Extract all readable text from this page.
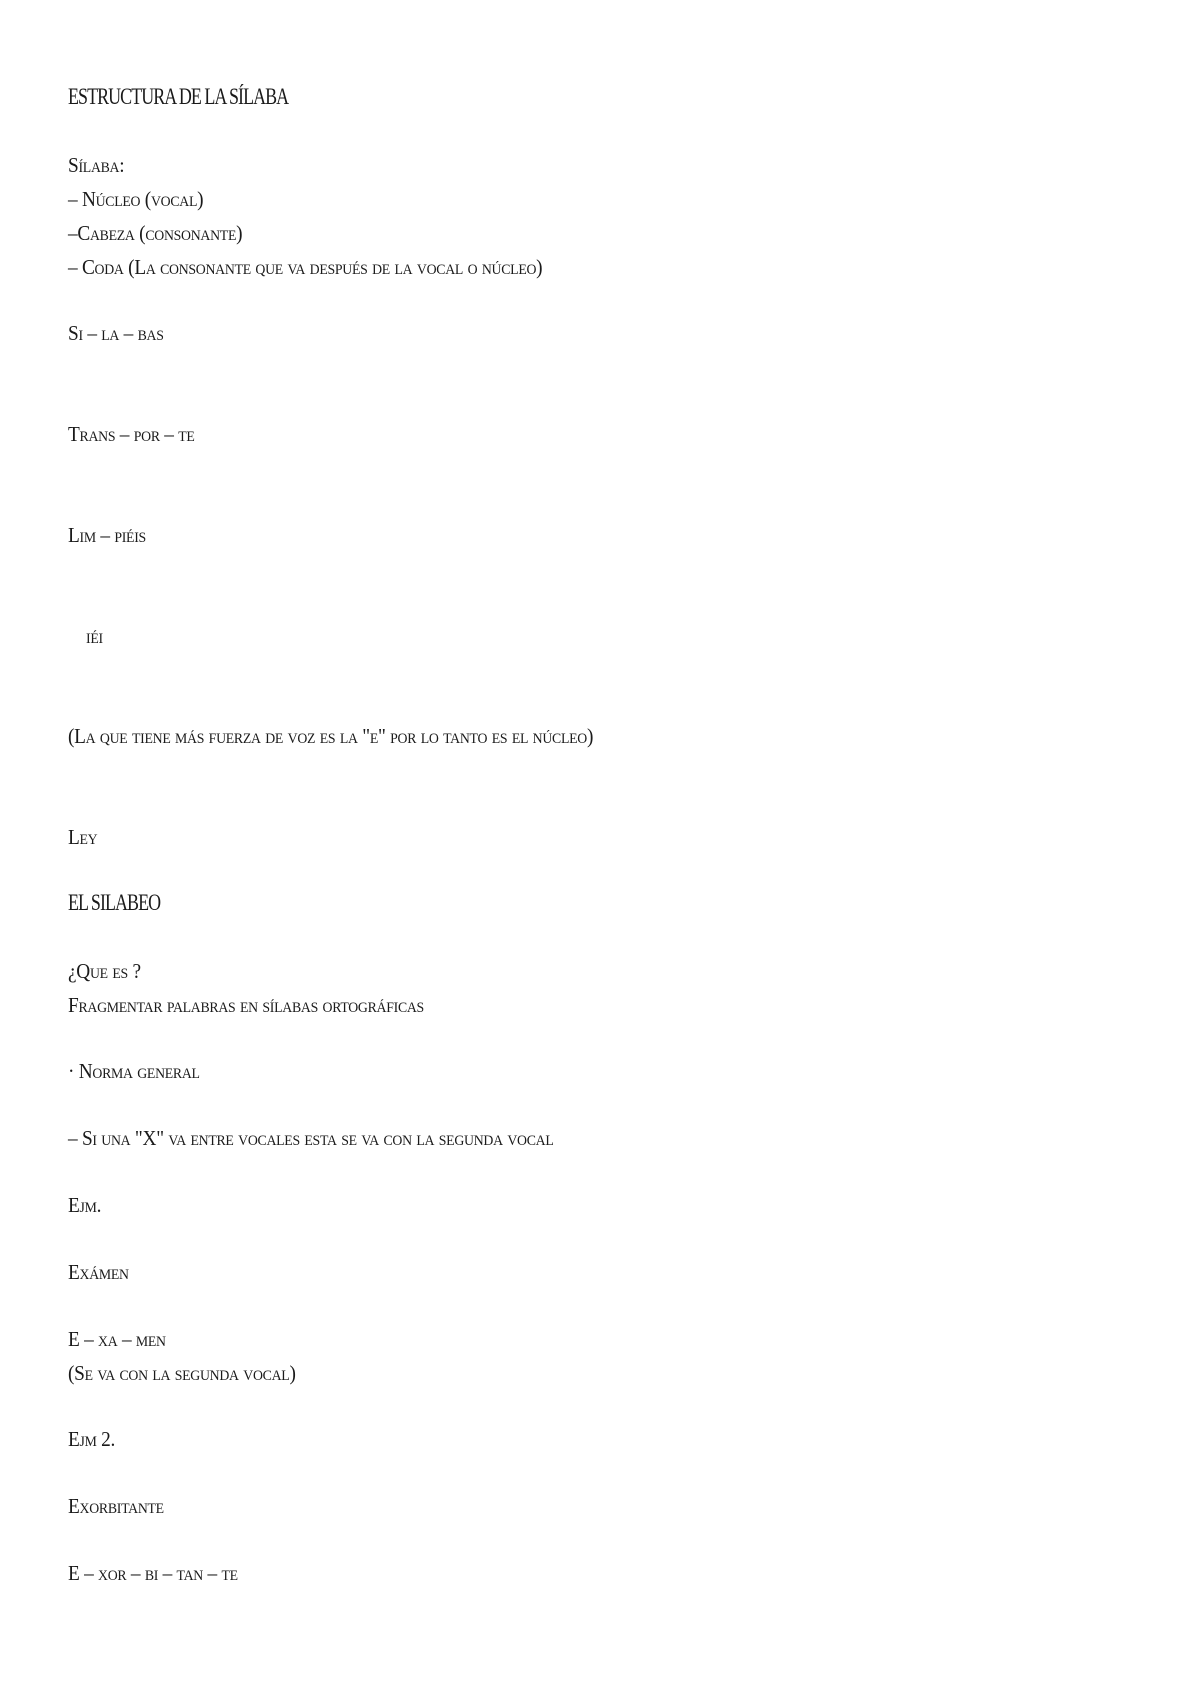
ESTRUCTURA DE LA SÍLABA
Sílaba:
– Núcleo (vocal)
–Cabeza (consonante)
– Coda (La consonante que va después de la vocal o núcleo)
Si – la – bas
Trans – por – te
Lim – piéis
iéi
(La que tiene más fuerza de voz es la "e" por lo tanto es el núcleo)
Ley
EL SILABEO
¿Que es ?
Fragmentar palabras en sílabas ortográficas
· Norma general
– Si una "X" va entre vocales esta se va con la segunda vocal
Ejm.
Exámen
E – xa – men
(Se va con la segunda vocal)
Ejm 2.
Exorbitante
E – xor – bi – tan – te
